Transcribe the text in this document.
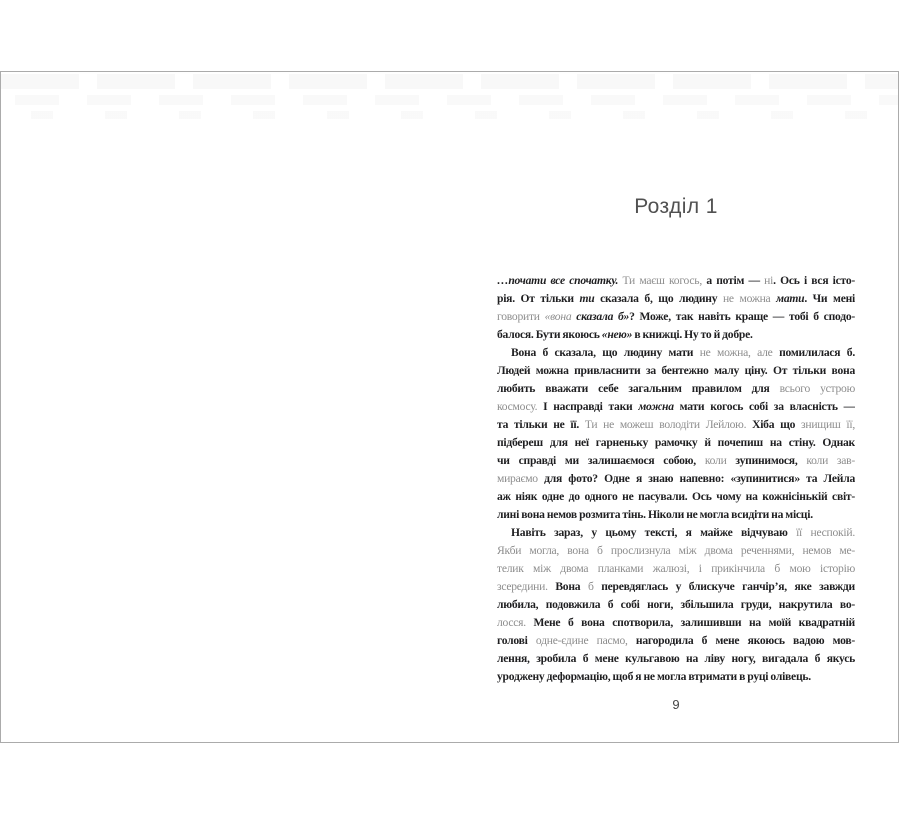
Розділ 1
…почати все спочатку. Ти маєш когось, а потім — ні. Ось і вся істо-
рія. От тільки ти сказала б, що людину не можна мати. Чи мені
говорити «вона сказала б»? Може, так навіть краще — тобі б сподо-
балося. Бути якоюсь «нею» в книжці. Ну то й добре.
Вона б сказала, що людину мати не можна, але помилилася б.
Людей можна привласнити за бентежно малу ціну. От тільки вона
любить вважати себе загальним правилом для всього устрою
космосу. І насправді таки можна мати когось собі за власність —
та тільки не її. Ти не можеш володіти Лейлою. Хіба що знищиш її,
підбереш для неї гарненьку рамочку й почепиш на стіну. Однак
чи справді ми залишаємося собою, коли зупинимося, коли зав-
мираємо для фото? Одне я знаю напевно: «зупинитися» та Лейла
аж ніяк одне до одного не пасували. Ось чому на кожнісінькій світ-
лині вона немов розмита тінь. Ніколи не могла всидіти на місці.
Навіть зараз, у цьому тексті, я майже відчуваю її неспокій.
Якби могла, вона б прослизнула між двома реченнями, немов ме-
телик між двома планками жалюзі, і прикінчила б мою історію
зсередини. Вона б перевдяглась у блискуче ганчір’я, яке завжди
любила, подовжила б собі ноги, збільшила груди, накрутила во-
лосся. Мене б вона спотворила, залишивши на моїй квадратній
голові одне-єдине пасмо, нагородила б мене якоюсь вадою мов-
лення, зробила б мене кульгавою на ліву ногу, вигадала б якусь
уроджену деформацію, щоб я не могла втримати в руці олівець.
9
